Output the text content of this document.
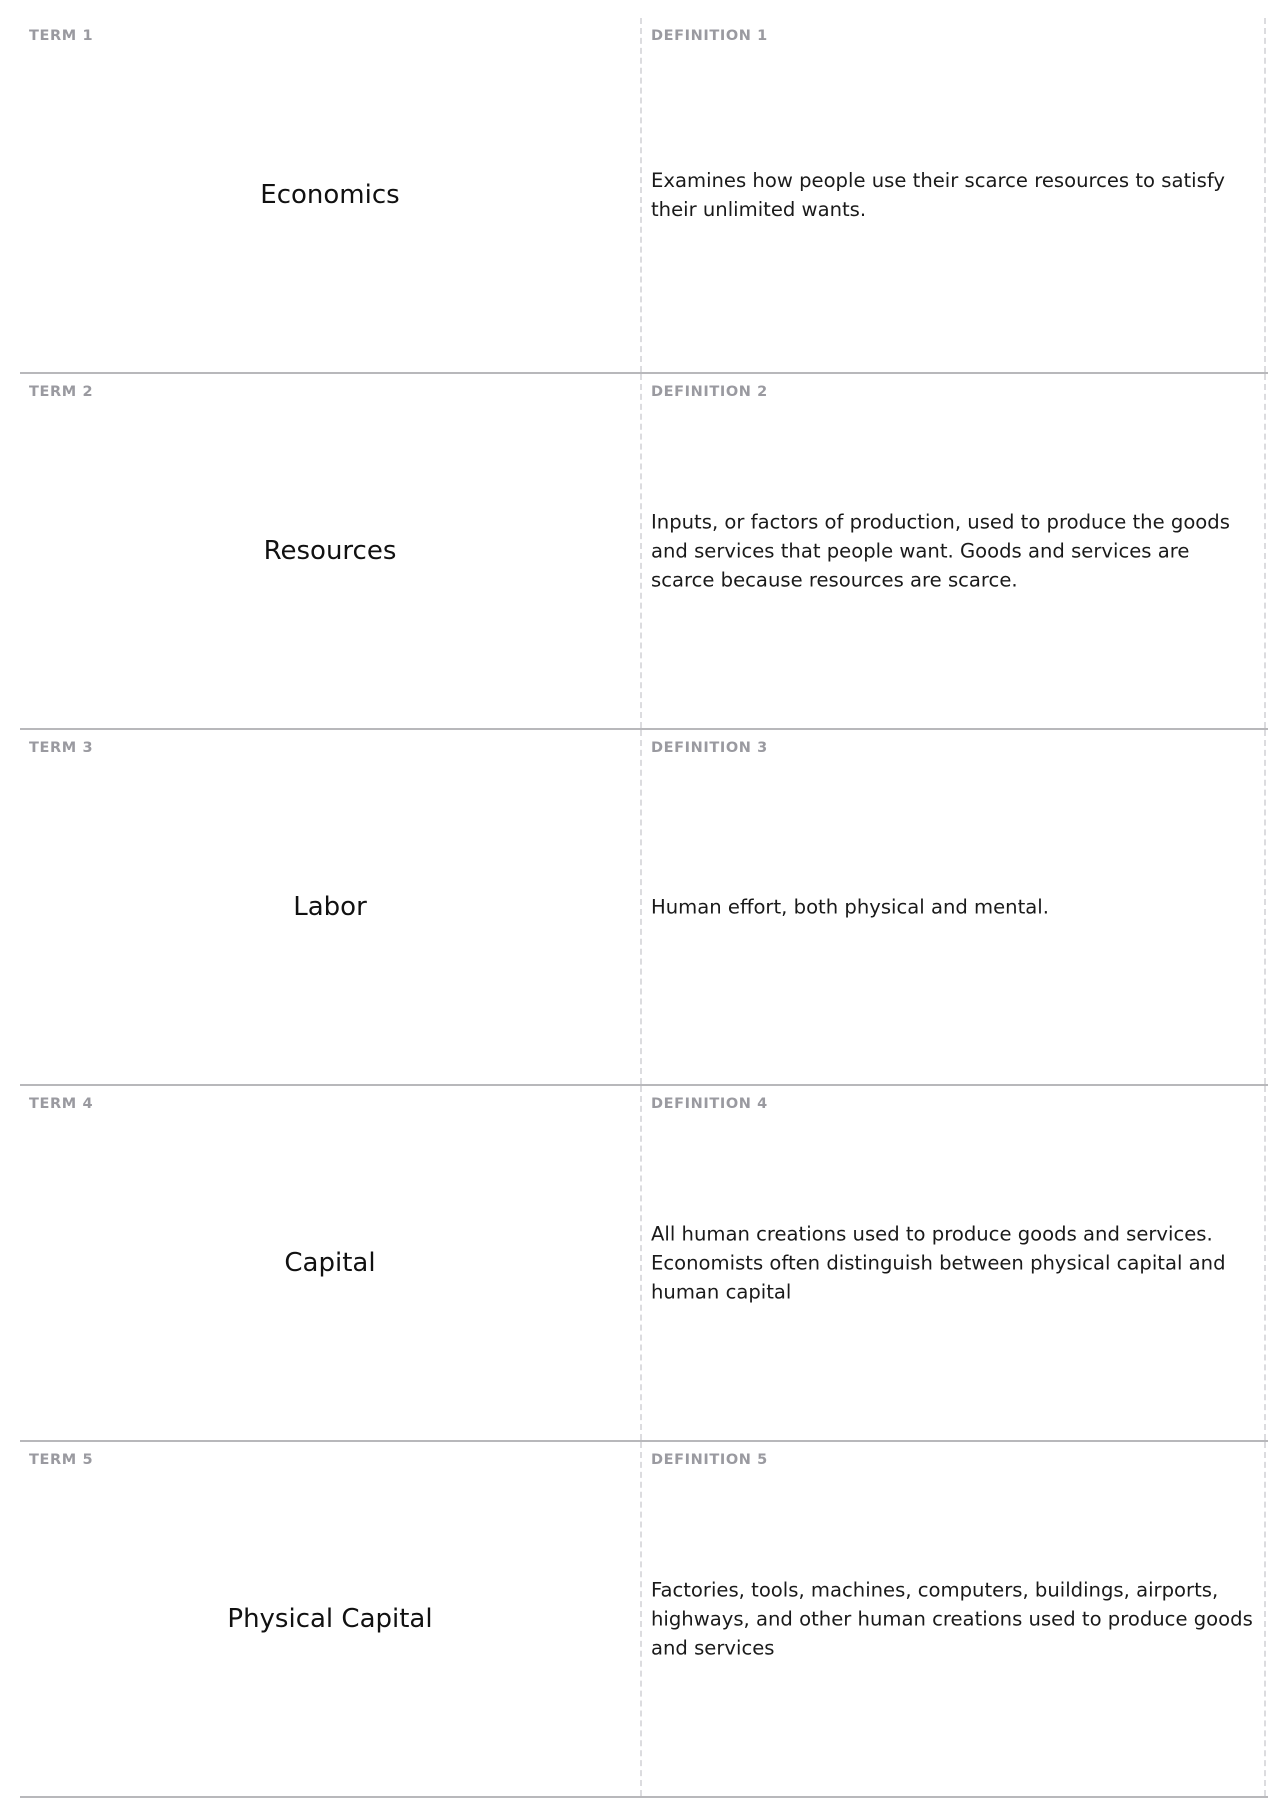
TERM 1
Economics
DEFINITION 1
Examines how people use their scarce resources to satisfy their unlimited wants.
TERM 2
Resources
DEFINITION 2
Inputs, or factors of production, used to produce the goods and services that people want. Goods and services are scarce because resources are scarce.
TERM 3
Labor
DEFINITION 3
Human effort, both physical and mental.
TERM 4
Capital
DEFINITION 4
All human creations used to produce goods and services. Economists often distinguish between physical capital and human capital
TERM 5
Physical Capital
DEFINITION 5
Factories, tools, machines, computers, buildings, airports, highways, and other human creations used to produce goods and services
